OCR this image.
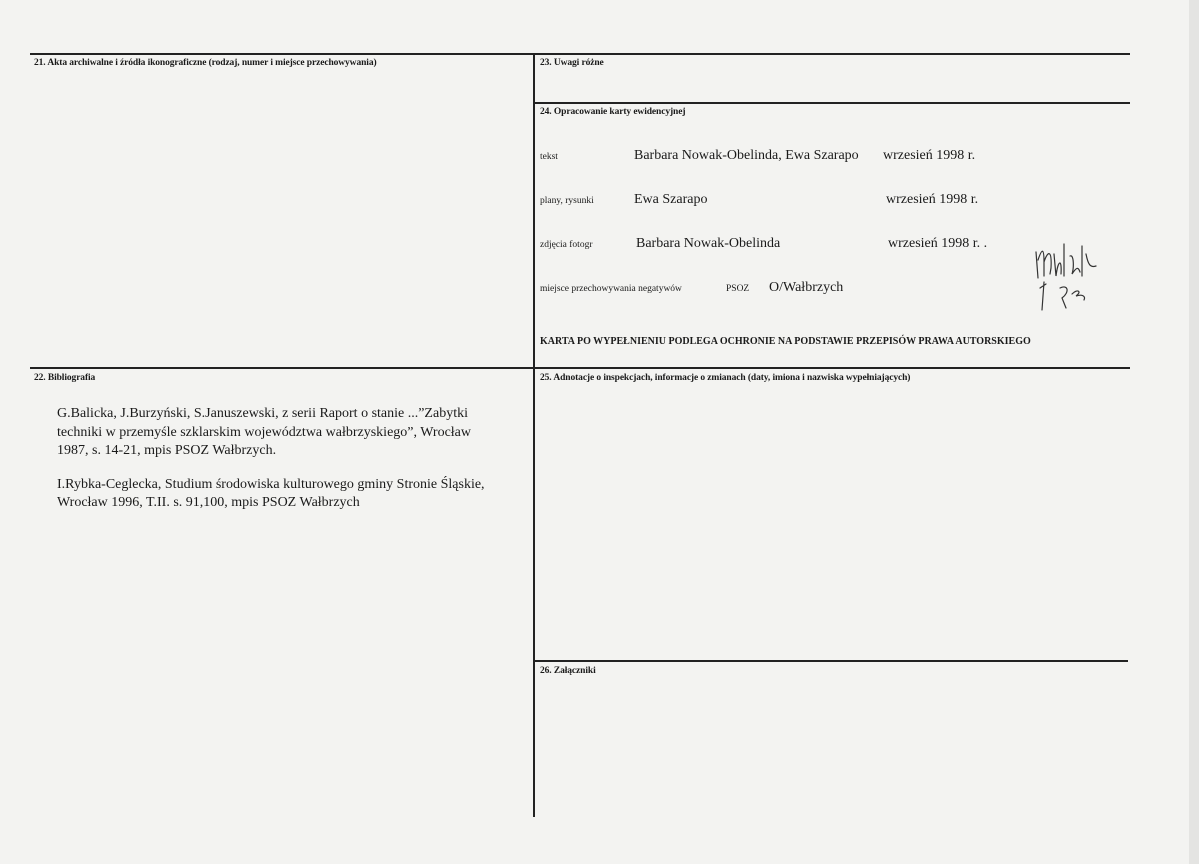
21. Akta archiwalne i źródła ikonograficzne (rodzaj, numer i miejsce przechowywania)	23. Uwagi różne
24. Opracowanie karty ewidencyjnej
tekst	Barbara Nowak-Obelinda, Ewa Szarapo wrzesień 1998 r.
plany, rysunki	Ewa Szarapo	wrzesień 1998 r.
zdjęcia fotogr	Barbara Nowak-Obelinda	wrzesień 1998 r. .
miejsce przechowywania negatywów	PSOZ O/Wałbrzych
KARTA PO WYPEŁNIENIU PODLEGA OCHRONIE NA PODSTAWIE PRZEPISÓW PRAWA AUTORSKIEGO
22. Bibliografia

G.Balicka, J.Burzyński, S.Januszewski, z serii Raport o stanie ...”Zabytki techniki w przemyśle szklarskim województwa wałbrzyskiego”, Wrocław 1987, s. 14-21, mpis PSOZ Wałbrzych.

I.Rybka-Ceglecka, Studium środowiska kulturowego gminy Stronie Śląskie, Wrocław 1996, T.II. s. 91,100, mpis PSOZ Wałbrzych

25. Adnotacje o inspekcjach, informacje o zmianach (daty, imiona i nazwiska wypełniających)
26. Załączniki
